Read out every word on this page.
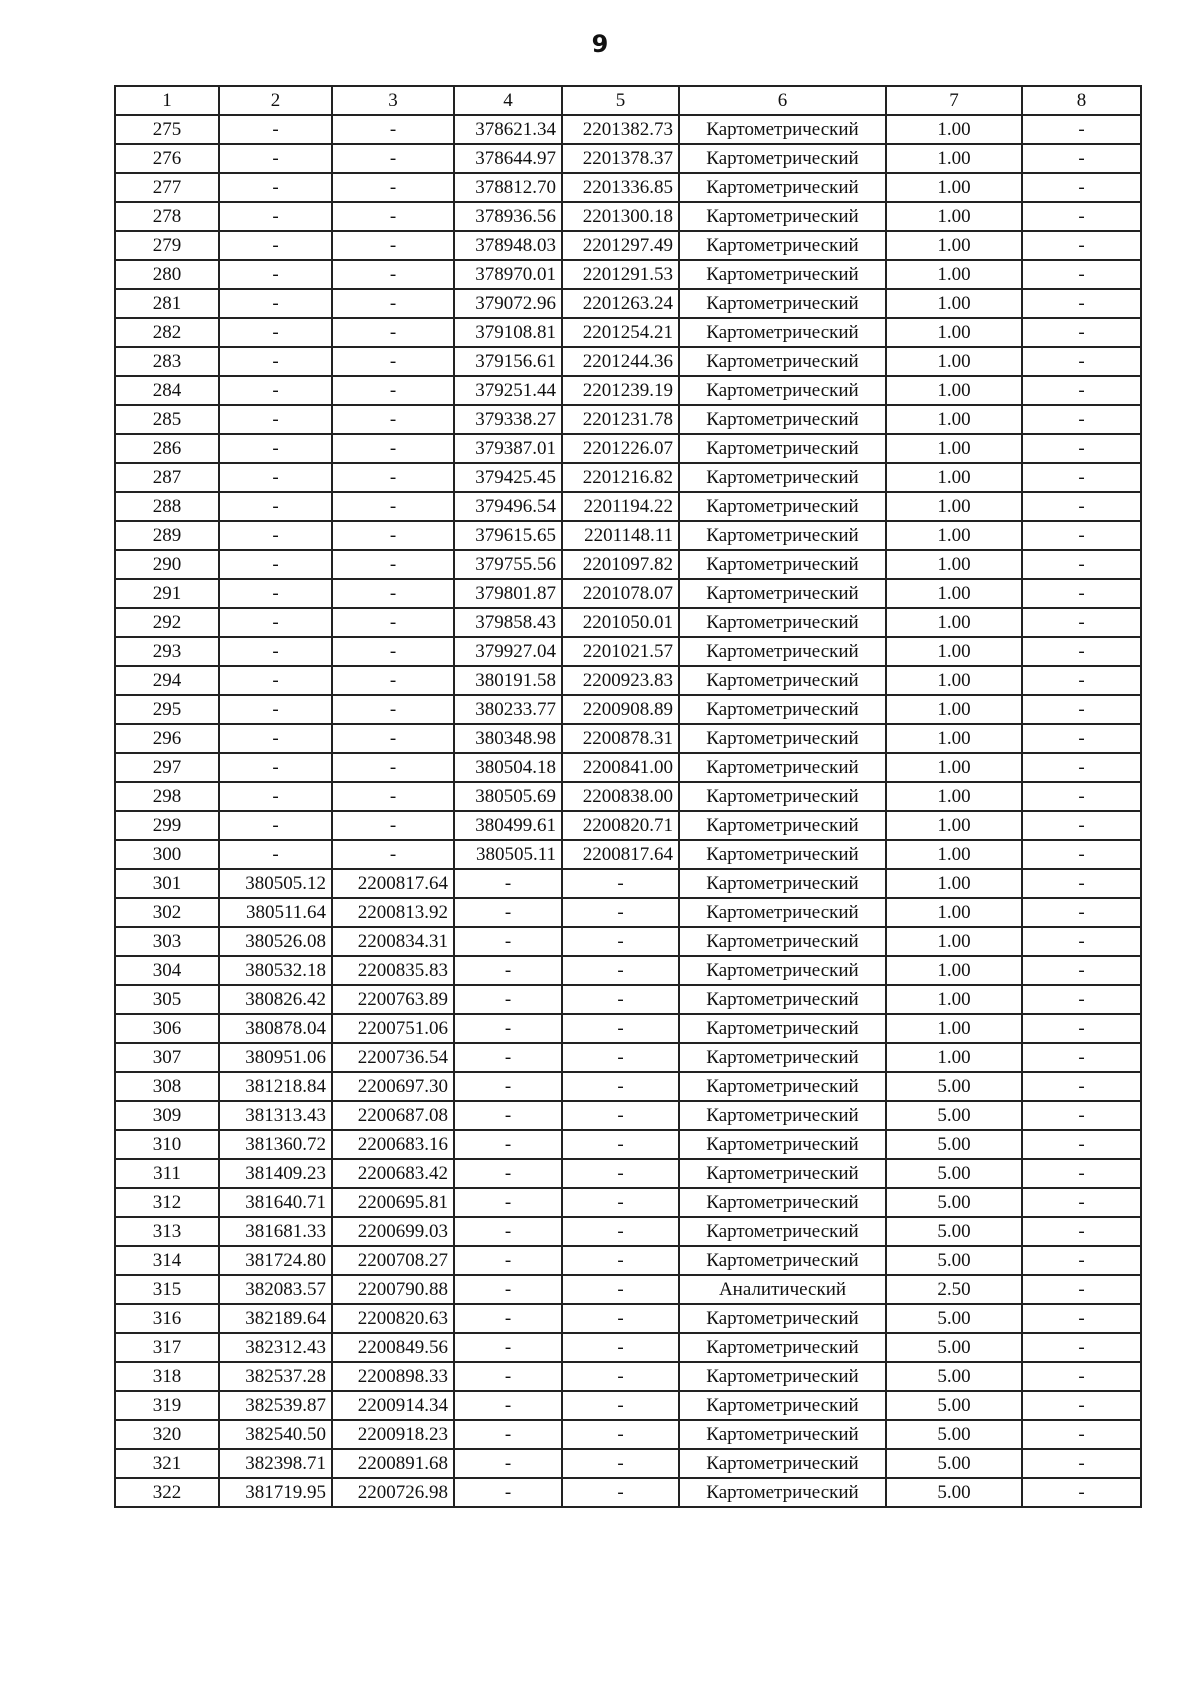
9
1	2	3	4	5	6	7	8
275	-	-	378621.34	2201382.73	Картометрический	1.00	-
276	-	-	378644.97	2201378.37	Картометрический	1.00	-
277	-	-	378812.70	2201336.85	Картометрический	1.00	-
278	-	-	378936.56	2201300.18	Картометрический	1.00	-
279	-	-	378948.03	2201297.49	Картометрический	1.00	-
280	-	-	378970.01	2201291.53	Картометрический	1.00	-
281	-	-	379072.96	2201263.24	Картометрический	1.00	-
282	-	-	379108.81	2201254.21	Картометрический	1.00	-
283	-	-	379156.61	2201244.36	Картометрический	1.00	-
284	-	-	379251.44	2201239.19	Картометрический	1.00	-
285	-	-	379338.27	2201231.78	Картометрический	1.00	-
286	-	-	379387.01	2201226.07	Картометрический	1.00	-
287	-	-	379425.45	2201216.82	Картометрический	1.00	-
288	-	-	379496.54	2201194.22	Картометрический	1.00	-
289	-	-	379615.65	2201148.11	Картометрический	1.00	-
290	-	-	379755.56	2201097.82	Картометрический	1.00	-
291	-	-	379801.87	2201078.07	Картометрический	1.00	-
292	-	-	379858.43	2201050.01	Картометрический	1.00	-
293	-	-	379927.04	2201021.57	Картометрический	1.00	-
294	-	-	380191.58	2200923.83	Картометрический	1.00	-
295	-	-	380233.77	2200908.89	Картометрический	1.00	-
296	-	-	380348.98	2200878.31	Картометрический	1.00	-
297	-	-	380504.18	2200841.00	Картометрический	1.00	-
298	-	-	380505.69	2200838.00	Картометрический	1.00	-
299	-	-	380499.61	2200820.71	Картометрический	1.00	-
300	-	-	380505.11	2200817.64	Картометрический	1.00	-
301	380505.12	2200817.64	-	-	Картометрический	1.00	-
302	380511.64	2200813.92	-	-	Картометрический	1.00	-
303	380526.08	2200834.31	-	-	Картометрический	1.00	-
304	380532.18	2200835.83	-	-	Картометрический	1.00	-
305	380826.42	2200763.89	-	-	Картометрический	1.00	-
306	380878.04	2200751.06	-	-	Картометрический	1.00	-
307	380951.06	2200736.54	-	-	Картометрический	1.00	-
308	381218.84	2200697.30	-	-	Картометрический	5.00	-
309	381313.43	2200687.08	-	-	Картометрический	5.00	-
310	381360.72	2200683.16	-	-	Картометрический	5.00	-
311	381409.23	2200683.42	-	-	Картометрический	5.00	-
312	381640.71	2200695.81	-	-	Картометрический	5.00	-
313	381681.33	2200699.03	-	-	Картометрический	5.00	-
314	381724.80	2200708.27	-	-	Картометрический	5.00	-
315	382083.57	2200790.88	-	-	Аналитический	2.50	-
316	382189.64	2200820.63	-	-	Картометрический	5.00	-
317	382312.43	2200849.56	-	-	Картометрический	5.00	-
318	382537.28	2200898.33	-	-	Картометрический	5.00	-
319	382539.87	2200914.34	-	-	Картометрический	5.00	-
320	382540.50	2200918.23	-	-	Картометрический	5.00	-
321	382398.71	2200891.68	-	-	Картометрический	5.00	-
322	381719.95	2200726.98	-	-	Картометрический	5.00	-
